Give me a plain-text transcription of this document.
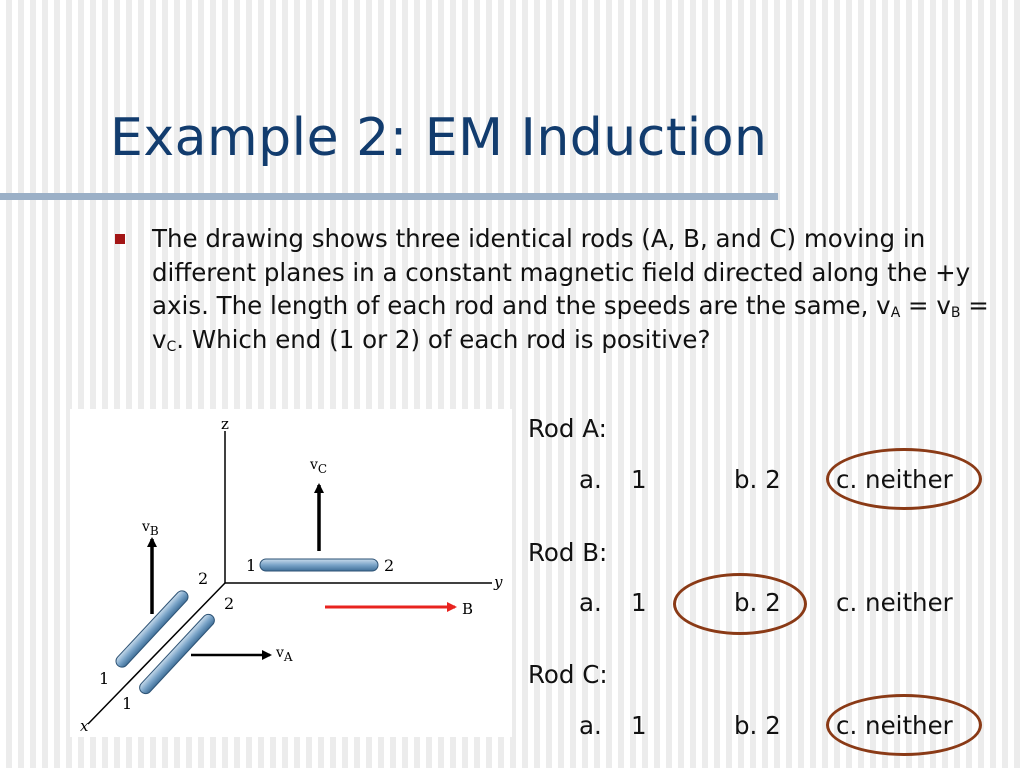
Example 2: EM Induction
The drawing shows three identical rods (A, B, and C) moving in different planes in a constant magnetic field directed along the +y axis. The length of each rod and the speeds are the same, $v_A = v_B = v_C$. Which end (1 or 2) of each rod is positive?
z
y
x
B
vC
1	2
vB
1
2
vA
1
2
Rod A:
a. 1	b. 2 c. neither
Rod B:
a. 1	b. 2 c. neither
Rod C:
a. 1	b. 2 c. neither
